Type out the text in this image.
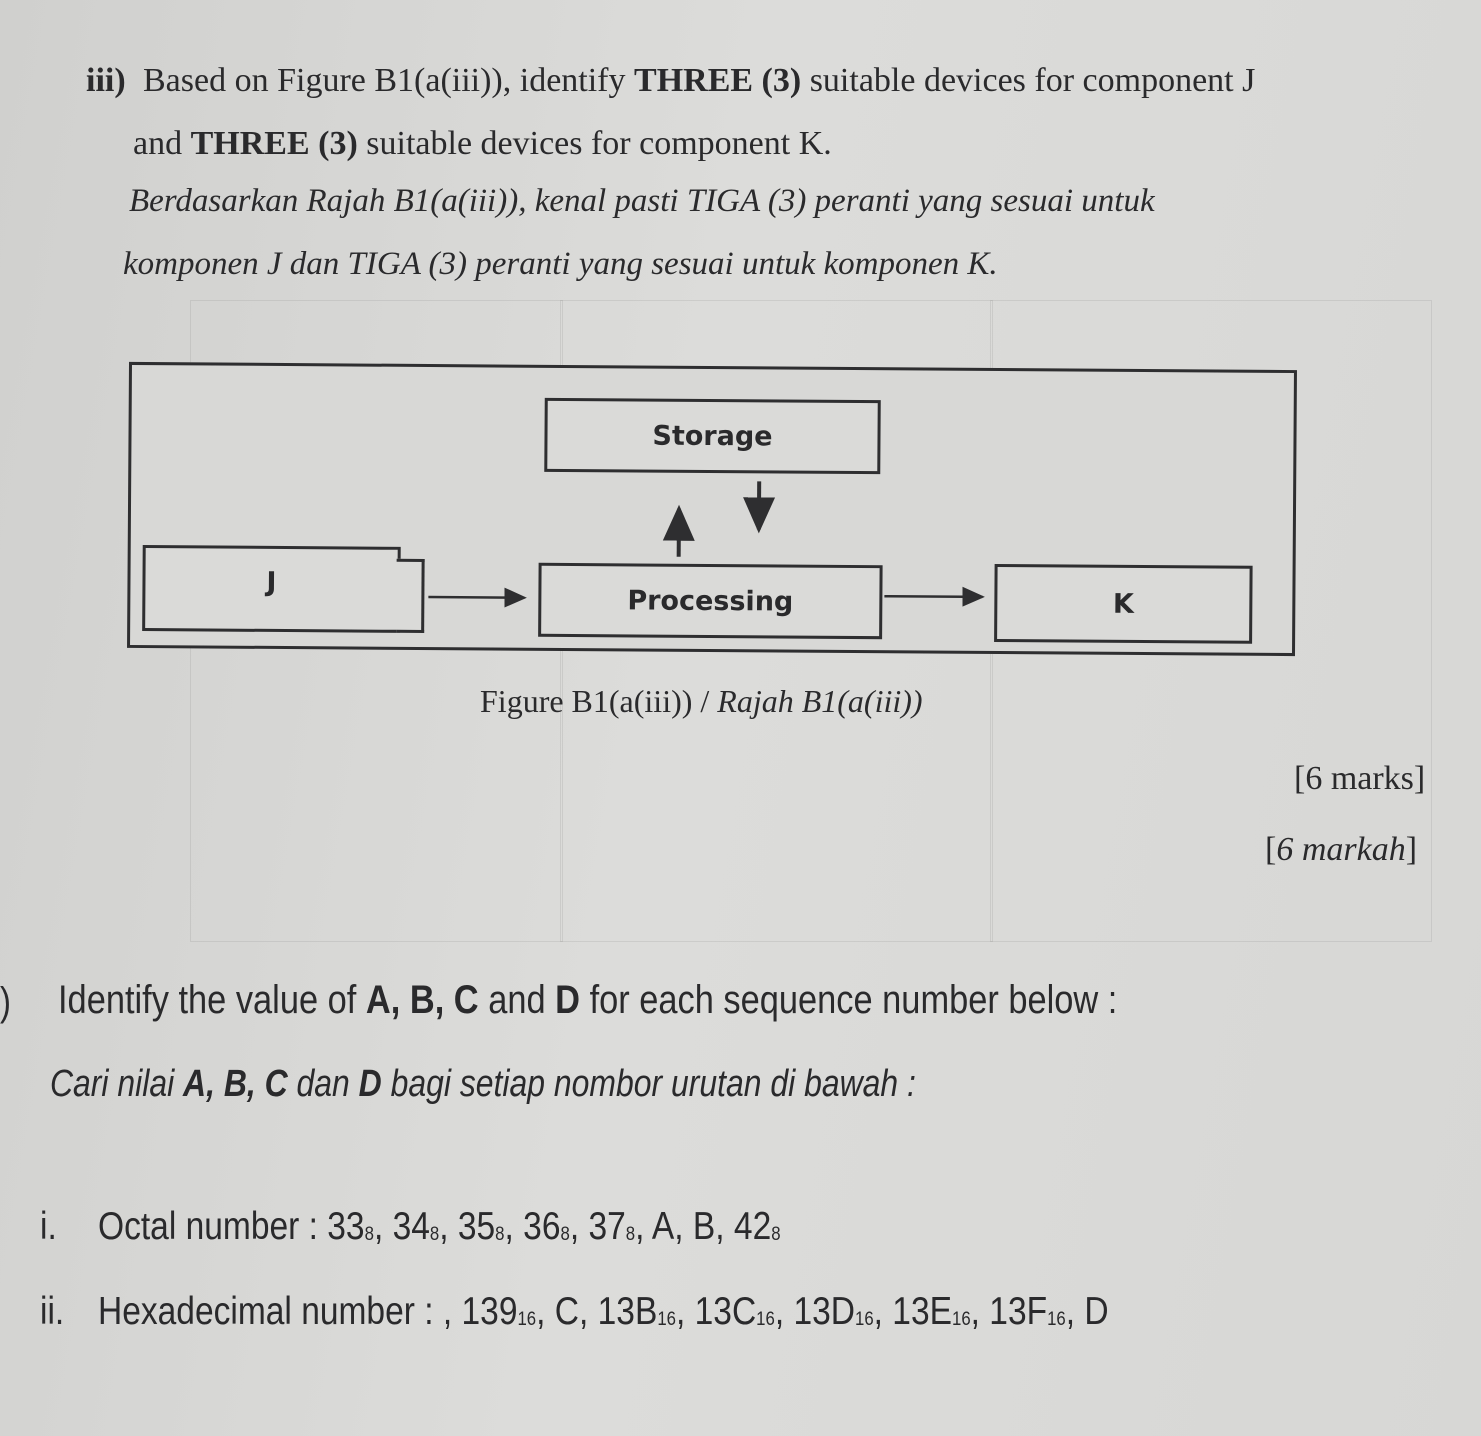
iii) Based on Figure B1(a(iii)), identify THREE (3) suitable devices for component J
and THREE (3) suitable devices for component K.
Berdasarkan Rajah B1(a(iii)), kenal pasti TIGA (3) peranti yang sesuai untuk
komponen J dan TIGA (3) peranti yang sesuai untuk komponen K.
Storage
J
Processing	K
Figure B1(a(iii)) / Rajah B1(a(iii))
[6 marks]
[6 markah]
) Identify the value of A, B, C and D for each sequence number below :
Cari nilai A, B, C dan D bagi setiap nombor urutan di bawah :
i. Octal number : $33_8$, $34_8$, $35_8$, $36_8$, $37_8$, A, B, $42_8$
ii. Hexadecimal number : , $139_{16}$, C, $13B_{16}$, $13C_{16}$, $13D_{16}$, $13E_{16}$, $13F_{16}$, D
